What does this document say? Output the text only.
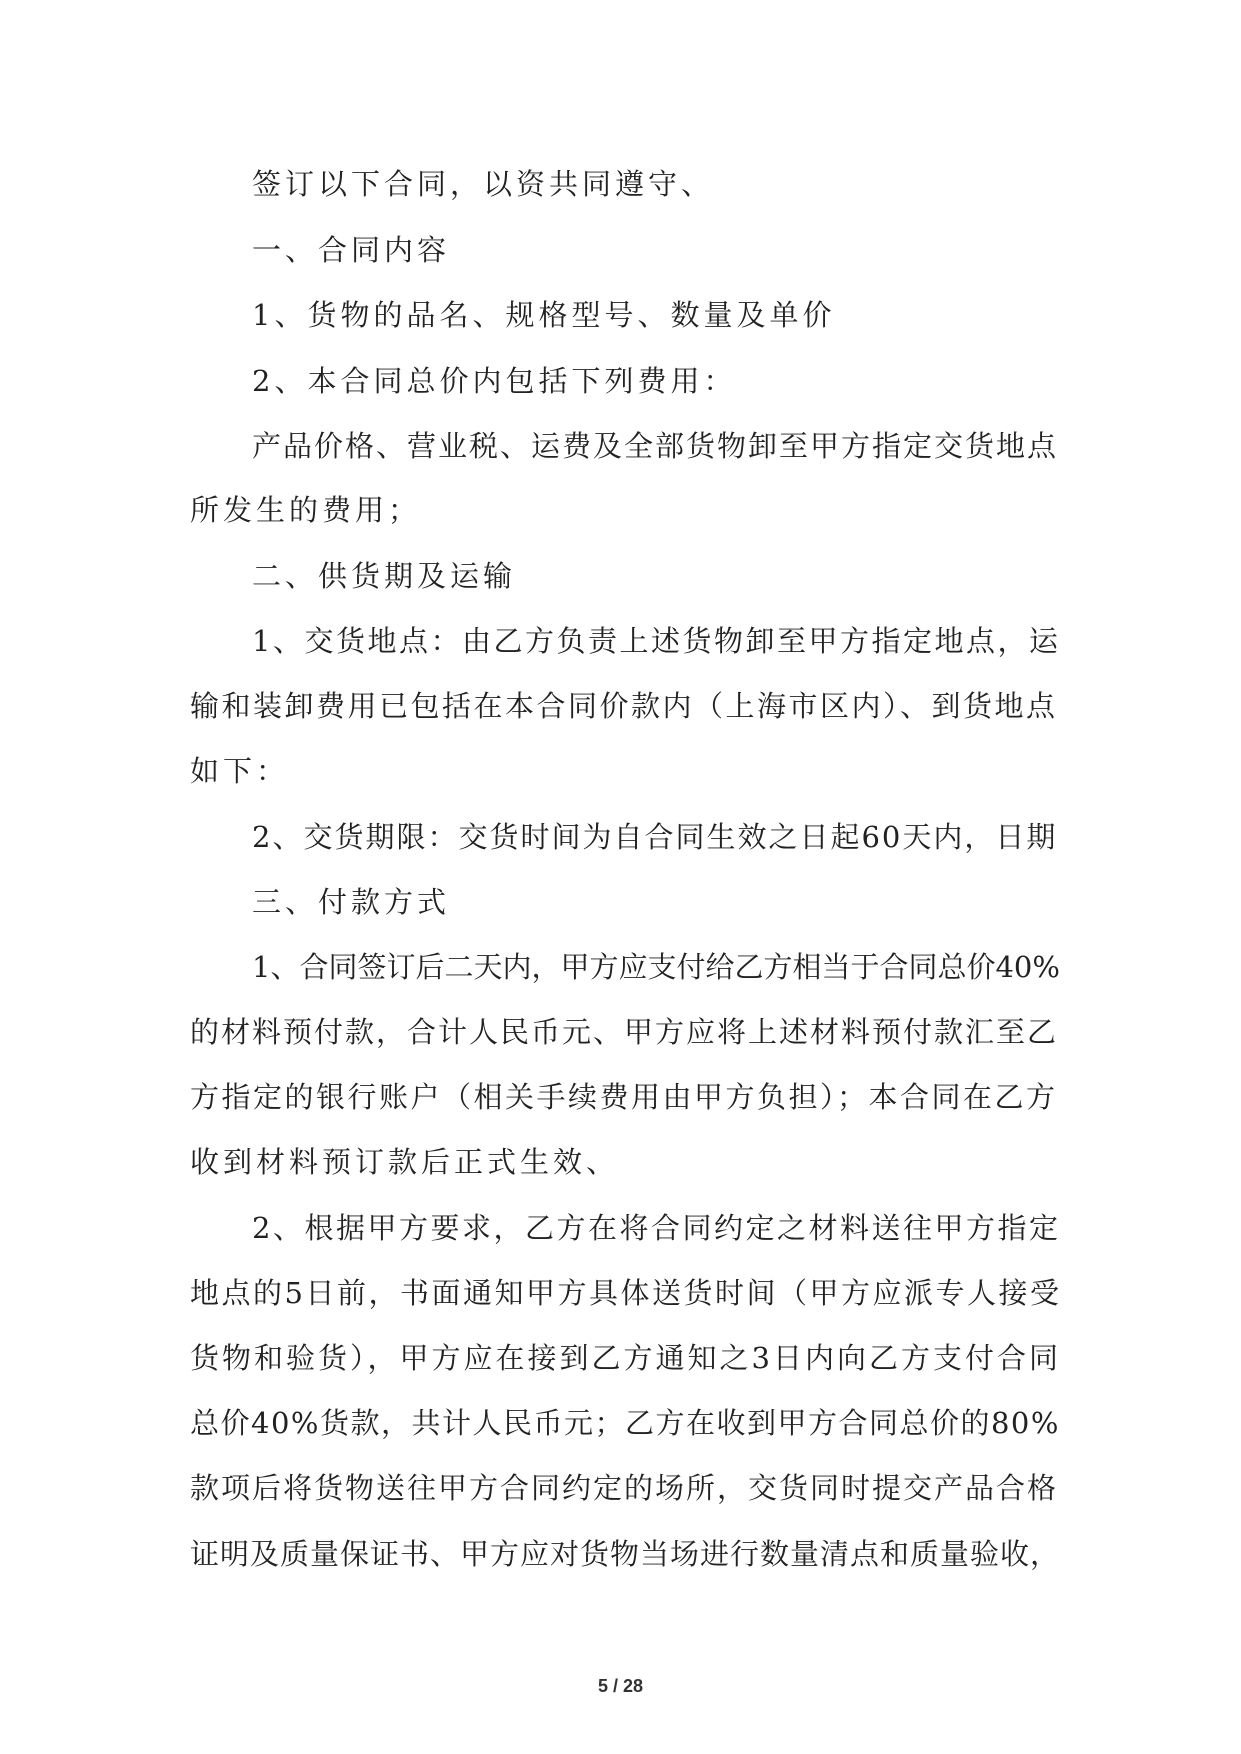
签订以下合同，以资共同遵守、
一、合同内容
1、货物的品名、规格型号、数量及单价
2、本合同总价内包括下列费用：
产品价格、营业税、运费及全部货物卸至甲方指定交货地点
所发生的费用；
二、供货期及运输
1、交货地点：由乙方负责上述货物卸至甲方指定地点，运
输和装卸费用已包括在本合同价款内（上海市区内）、到货地点
如下：
2、交货期限：交货时间为自合同生效之日起60天内，日期
三、付款方式
1、合同签订后二天内，甲方应支付给乙方相当于合同总价40%
的材料预付款，合计人民币元、甲方应将上述材料预付款汇至乙
方指定的银行账户（相关手续费用由甲方负担）；本合同在乙方
收到材料预订款后正式生效、
2、根据甲方要求，乙方在将合同约定之材料送往甲方指定
地点的5日前，书面通知甲方具体送货时间（甲方应派专人接受
货物和验货），甲方应在接到乙方通知之3日内向乙方支付合同
总价40%货款，共计人民币元；乙方在收到甲方合同总价的80%
款项后将货物送往甲方合同约定的场所，交货同时提交产品合格
证明及质量保证书、甲方应对货物当场进行数量清点和质量验收，
5 / 28
